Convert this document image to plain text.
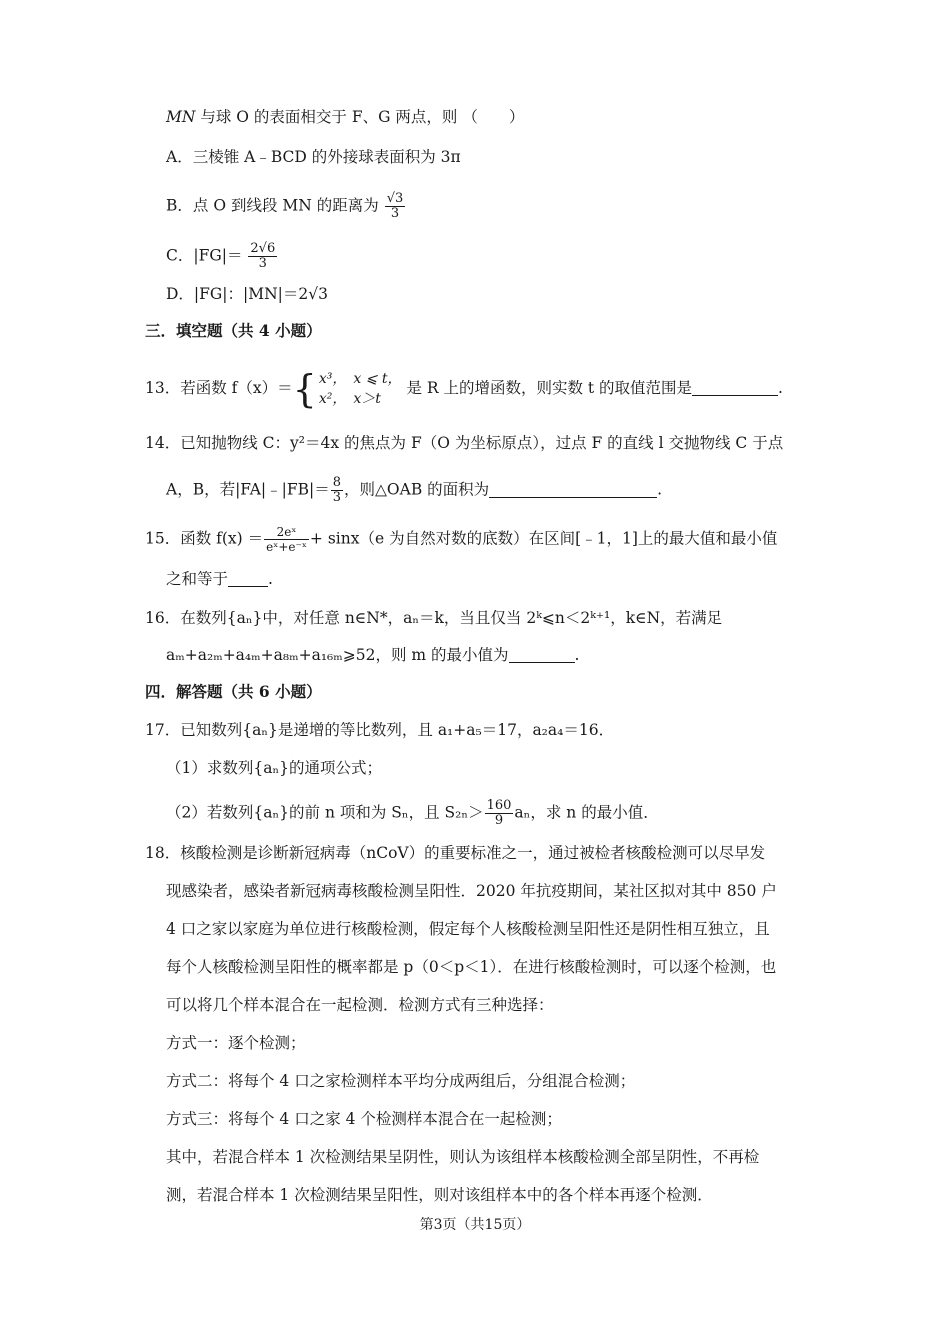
MN 与球 O 的表面相交于 F、G 两点，则 （　　）
A．三棱锥 A﹣BCD 的外接球表面积为 3π
B．点 O 到线段 MN 的距离为 $\frac{√3}{3}$
C．$|FG|= \frac{2√6}{3}$
D．|FG|：|MN|＝2√3
三．填空题（共 4 小题）
13．若函数 f（x）＝{ x³，　x ⩽ t，
x²，　x＞t
是 R 上的增函数，则实数 t 的取值范围是	.
14．已知抛物线 C：y²＝4x 的焦点为 F（O 为坐标原点），过点 F 的直线 l 交抛物线 C 于点
A，B，若|FA|﹣|FB|＝ $\frac{8}{3}$ ，则△OAB 的面积为	.
15．函数 $f(x) = \frac{\text{2eˣ}}{\text{eˣ+e⁻ˣ}} + \sin x(e$ 为自然对数的底数）在区间[﹣1，1]上的最大值和最小值
之和等于	.
16．在数列{aₙ}中，对任意 n∈N*，aₙ＝k，当且仅当 2ᵏ⩽n＜2ᵏ⁺¹，k∈N，若满足
aₘ+a₂ₘ+a₄ₘ+a₈ₘ+a₁₆ₘ⩾52，则 m 的最小值为	.
四．解答题（共 6 小题）
17．已知数列{aₙ}是递增的等比数列，且 a₁+a₅＝17，a₂a₄＝16．
（1）求数列{aₙ}的通项公式；
（2）若数列{aₙ}的前 n 项和为 Sₙ，且 $S_{2n}> \frac{160}{9}$ aₙ，求 n 的最小值．
18．核酸检测是诊断新冠病毒（nCoV）的重要标准之一，通过被检者核酸检测可以尽早发
现感染者，感染者新冠病毒核酸检测呈阳性．2020 年抗疫期间，某社区拟对其中 850 户
4 口之家以家庭为单位进行核酸检测，假定每个人核酸检测呈阳性还是阴性相互独立，且
每个人核酸检测呈阳性的概率都是 p（0＜p＜1）．在进行核酸检测时，可以逐个检测，也
可以将几个样本混合在一起检测．检测方式有三种选择：
方式一：逐个检测；
方式二：将每个 4 口之家检测样本平均分成两组后，分组混合检测；
方式三：将每个 4 口之家 4 个检测样本混合在一起检测；
其中，若混合样本 1 次检测结果呈阴性，则认为该组样本核酸检测全部呈阴性，不再检
测，若混合样本 1 次检测结果呈阳性，则对该组样本中的各个样本再逐个检测．
第3页（共15页）
